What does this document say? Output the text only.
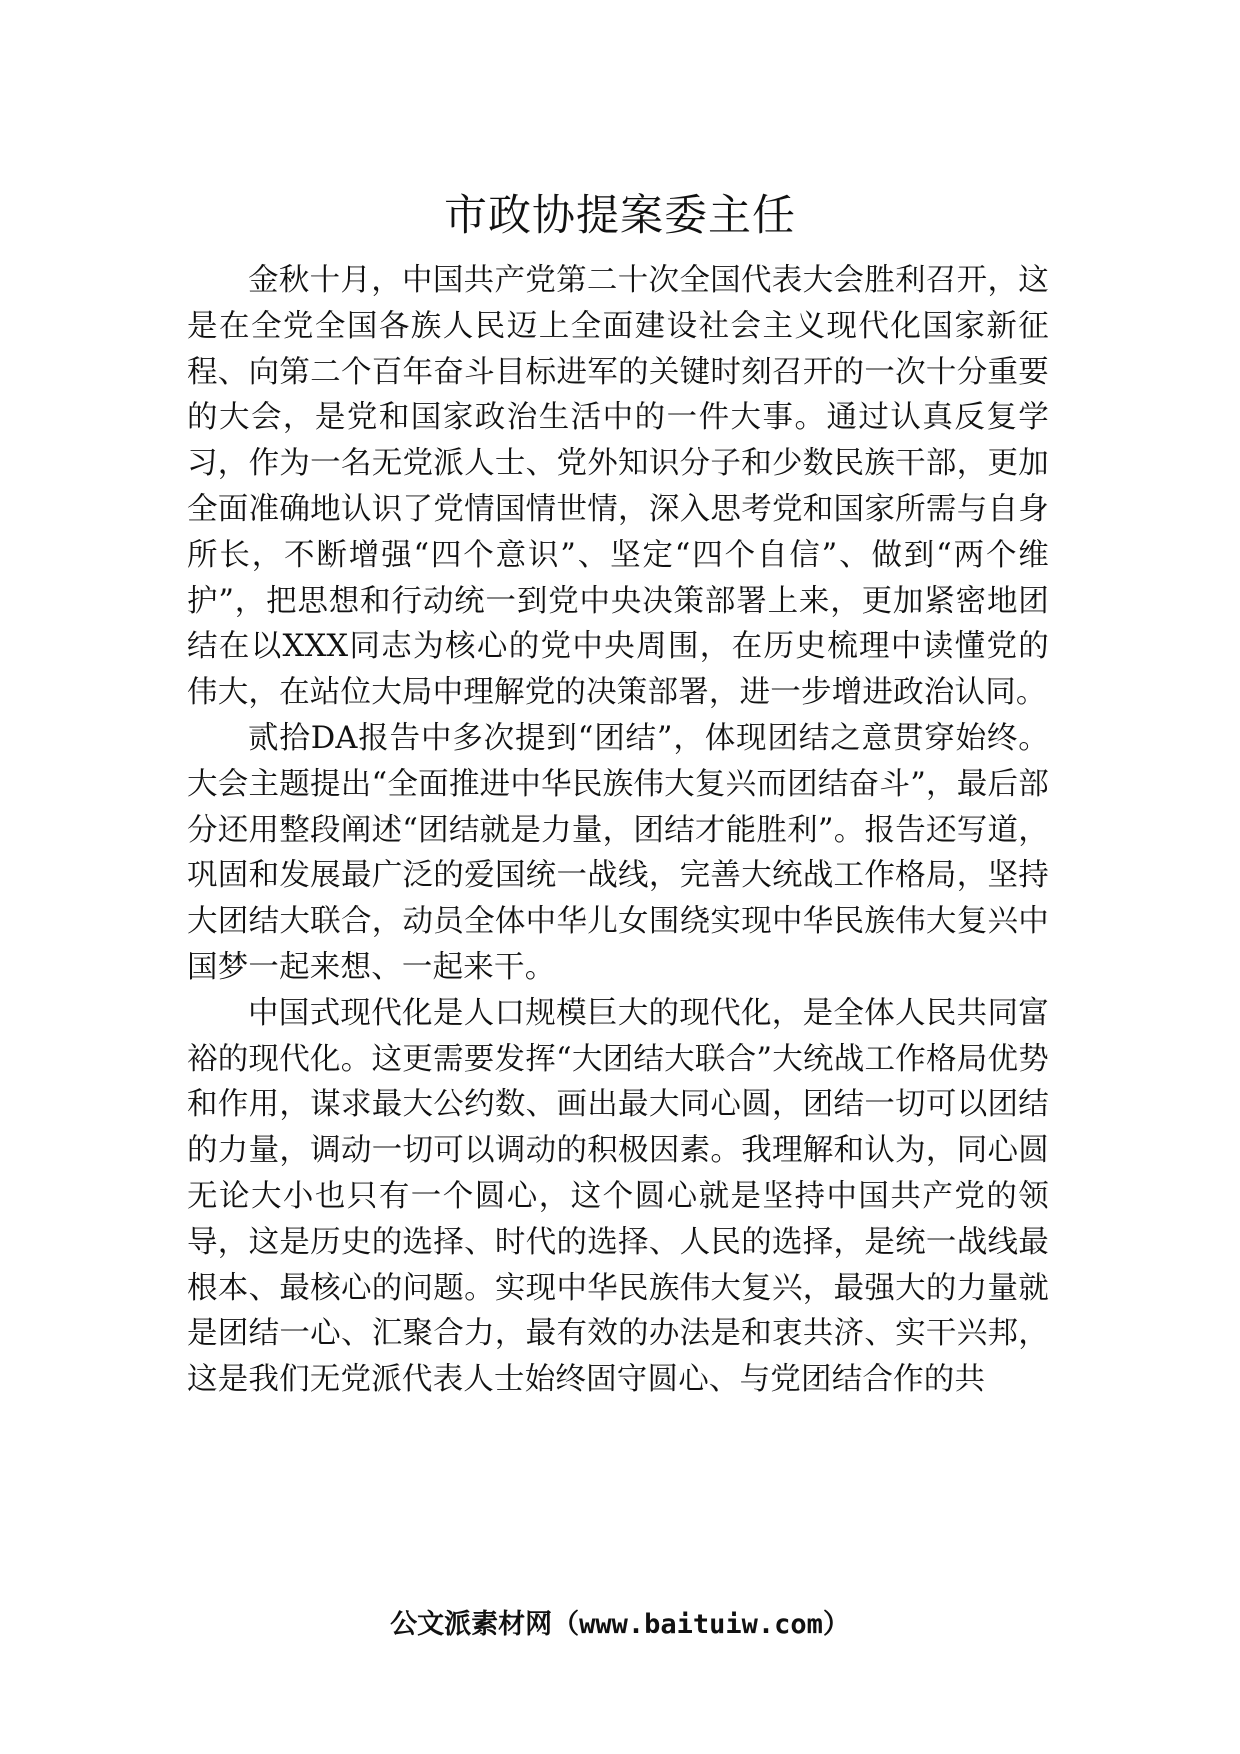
市政协提案委主任

金秋十月，中国共产党第二十次全国代表大会胜利召开，这是在全党全国各族人民迈上全面建设社会主义现代化国家新征程、向第二个百年奋斗目标进军的关键时刻召开的一次十分重要的大会，是党和国家政治生活中的一件大事。通过认真反复学习，作为一名无党派人士、党外知识分子和少数民族干部，更加全面准确地认识了党情国情世情，深入思考党和国家所需与自身所长，不断增强“四个意识”、坚定“四个自信”、做到“两个维护”，把思想和行动统一到党中央决策部署上来，更加紧密地团结在以XXX同志为核心的党中央周围，在历史梳理中读懂党的伟大，在站位大局中理解党的决策部署，进一步增进政治认同。

贰拾DA报告中多次提到“团结”，体现团结之意贯穿始终。大会主题提出“全面推进中华民族伟大复兴而团结奋斗”，最后部分还用整段阐述“团结就是力量，团结才能胜利”。报告还写道，巩固和发展最广泛的爱国统一战线，完善大统战工作格局，坚持大团结大联合，动员全体中华儿女围绕实现中华民族伟大复兴中国梦一起来想、一起来干。

中国式现代化是人口规模巨大的现代化，是全体人民共同富裕的现代化。这更需要发挥“大团结大联合”大统战工作格局优势和作用，谋求最大公约数、画出最大同心圆，团结一切可以团结的力量，调动一切可以调动的积极因素。我理解和认为，同心圆无论大小也只有一个圆心，这个圆心就是坚持中国共产党的领导，这是历史的选择、时代的选择、人民的选择，是统一战线最根本、最核心的问题。实现中华民族伟大复兴，最强大的力量就是团结一心、汇聚合力，最有效的办法是和衷共济、实干兴邦，这是我们无党派代表人士始终固守圆心、与党团结合作的共

公文派素材网（www.baituiw.com）
